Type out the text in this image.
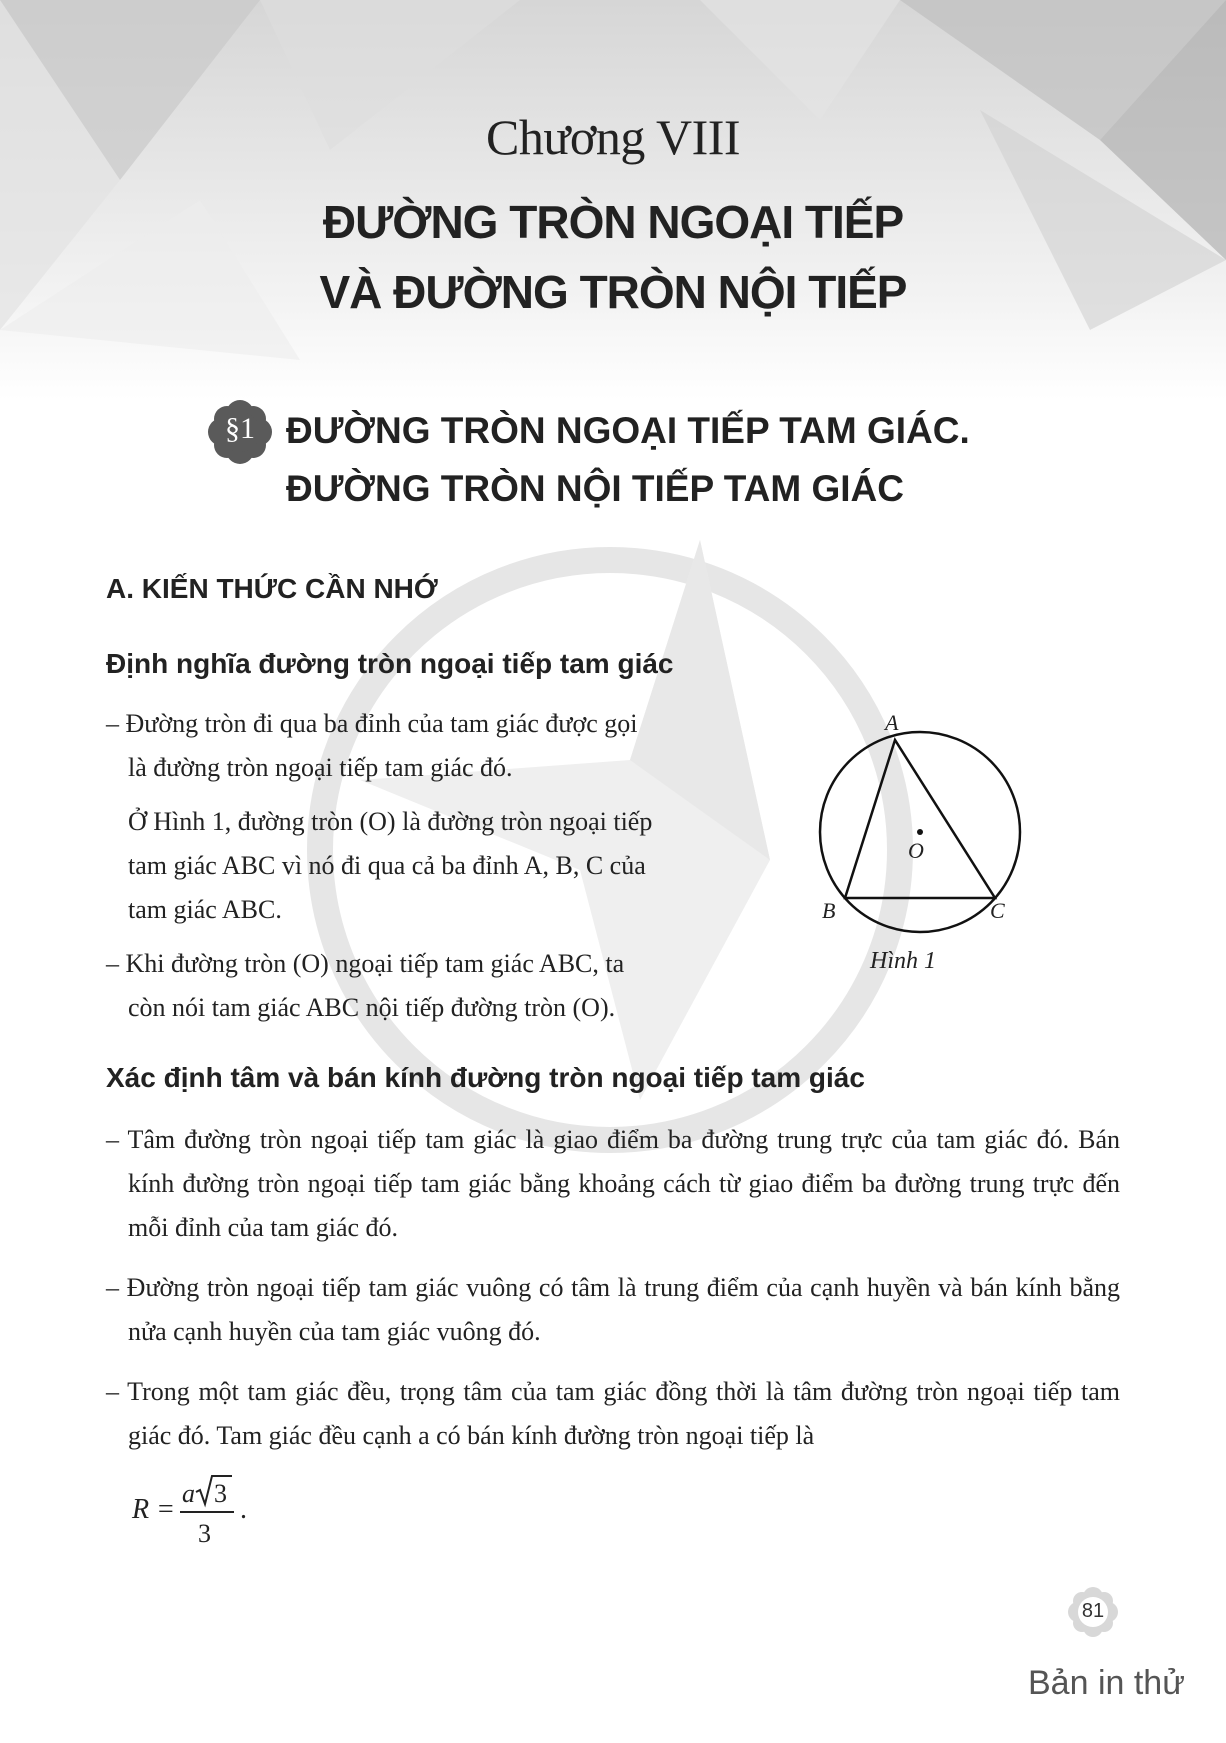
Chương VIII
ĐƯỜNG TRÒN NGOẠI TIẾP
VÀ ĐƯỜNG TRÒN NỘI TIẾP
§1 ĐƯỜNG TRÒN NGOẠI TIẾP TAM GIÁC.
ĐƯỜNG TRÒN NỘI TIẾP TAM GIÁC
A. KIẾN THỨC CẦN NHỚ
Định nghĩa đường tròn ngoại tiếp tam giác
– Đường tròn đi qua ba đỉnh của tam giác được gọi
là đường tròn ngoại tiếp tam giác đó.
Ở Hình 1, đường tròn (O) là đường tròn ngoại tiếp
tam giác ABC vì nó đi qua cả ba đỉnh A, B, C của
tam giác ABC.
– Khi đường tròn (O) ngoại tiếp tam giác ABC, ta
còn nói tam giác ABC nội tiếp đường tròn (O).
A
B	C
O
Hình 1
Xác định tâm và bán kính đường tròn ngoại tiếp tam giác
– Tâm đường tròn ngoại tiếp tam giác là giao điểm ba đường trung trực của tam giác đó. Bán kính đường tròn ngoại tiếp tam giác bằng khoảng cách từ giao điểm ba đường trung trực đến mỗi đỉnh của tam giác đó.
– Đường tròn ngoại tiếp tam giác vuông có tâm là trung điểm của cạnh huyền và bán kính bằng nửa cạnh huyền của tam giác vuông đó.
– Trong một tam giác đều, trọng tâm của tam giác đồng thời là tâm đường tròn ngoại tiếp tam giác đó. Tam giác đều cạnh a có bán kính đường tròn ngoại tiếp là
R =
a 3
3
.
81
Bản in thử
